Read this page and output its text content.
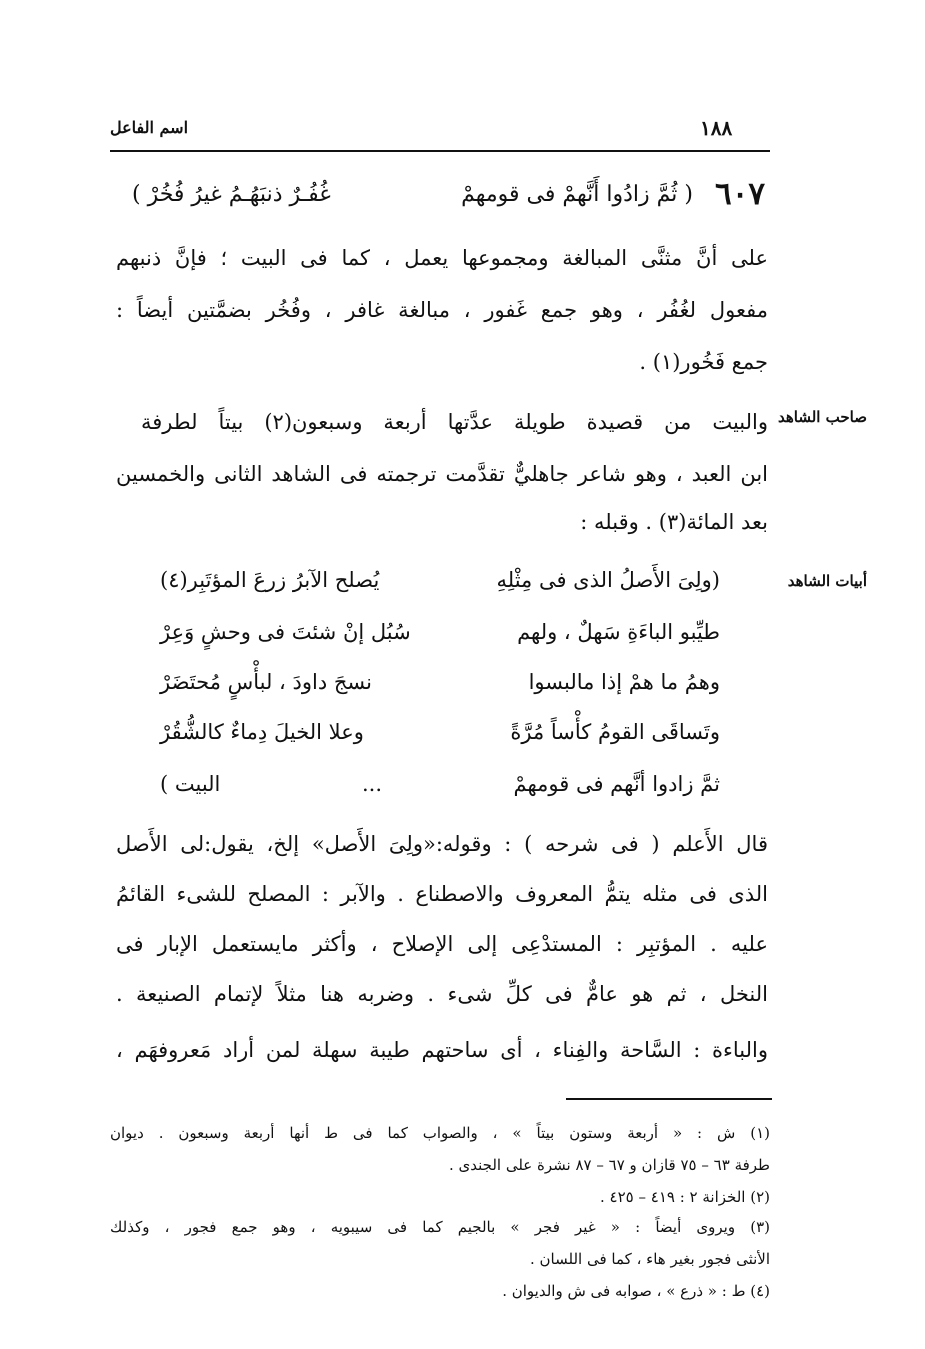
١٨٨
اسم الفاعل
٦٠٧
( ثُمَّ زادُوا أَنَّهمْ فى قومهمْ
غُفُـرٌ ذنبَهُـمُ غيرُ فُخُرْ )
على أنَّ مثنَّى المبالغة ومجموعها يعمل ، كما فى البيت ؛ فإنَّ ذنبهم
مفعول لغُفُر ، وهو جمع غَفور ، مبالغة غافر ، وفُخُر بضمَّتين أيضاً :
جمع فَخُور(١) .
صاحب الشاهد
والبيت من قصيدة طويلة عدَّتها أربعة وسبعون(٢) بيتاً لطرفة
ابن العبد ، وهو شاعر جاهليٌّ تقدَّمت ترجمته فى الشاهد الثانى والخمسين
بعد المائة(٣) . وقبله :
أبيات الشاهد
(ولِىَ الأَصلُ الذى فى مِثْلِهِ
يُصلح الآبرُ زرعَ المؤتَبِر(٤)
طيِّبو الباءَةِ سَهلٌ ، ولهم
سُبُل إنْ شئتَ فى وحشٍ وَعِرْ
وهمُ ما همْ إذا مالبسوا
نسجَ داودَ ، لبأْسٍ مُحتَضَرْ
وتَساقَى القومُ كأْساً مُرَّةً
وعلا الخيلَ دِماءٌ كالشُّقُرْ
ثمَّ زادوا أنَّهم فى قومهمْ
...
البيت )
قال الأَعلم ( فى شرحه ) : وقوله:«ولِىَ الأَصل» إلخ، يقول:لى الأَصل
الذى فى مثله يتمُّ المعروف والاصطناع . والآبر : المصلح للشىء القائمُ
عليه . المؤتبِر : المستدْعِى إلى الإصلاح ، وأكثر مايستعمل الإبار فى
النخل ، ثم هو عامٌّ فى كلِّ شىء . وضربه هنا مثلاً لإتمام الصنيعة .
والباءة : السَّاحة والفِناء ، أى ساحتهم طيبة سهلة لمن أراد مَعروفهَم ،
(١) ش : « أربعة وستون بيتاً » ، والصواب كما فى ط أنها أربعة وسبعون . ديوان
طرفة ٦٣ – ٧٥ قازان و ٦٧ – ٨٧ نشرة على الجندى .
(٢) الخزانة ٢ : ٤١٩ – ٤٢٥ .
(٣) ويروى أيضاً : « غير فجر » بالجيم كما فى سيبويه ، وهو جمع فجور ، وكذلك
الأنثى فجور بغير هاء ، كما فى اللسان .
(٤) ط : « ذرع » ، صوابه فى ش والديوان .
